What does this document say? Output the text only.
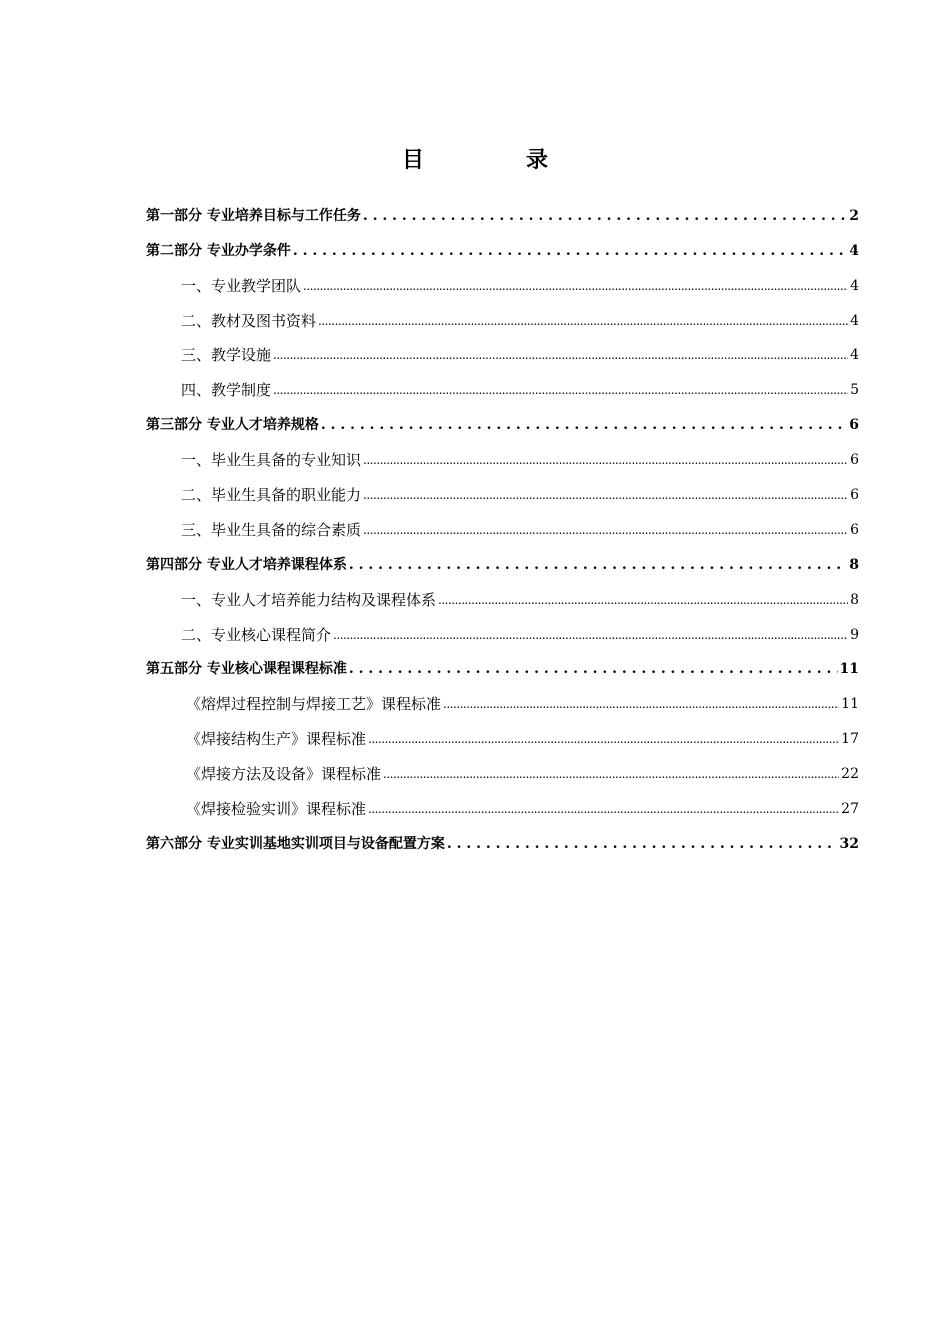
目　录
第一部分 专业培养目标与工作任务 . . .	2
第二部分 专业办学条件 . . .	4
一、专业教学团队 .....	4
二、教材及图书资料 .....	4
三、教学设施 .....	4
四、教学制度 .....	5
第三部分 专业人才培养规格 . . .	6
一、毕业生具备的专业知识 .....	6
二、毕业生具备的职业能力 .....	6
三、毕业生具备的综合素质 .....	6
第四部分 专业人才培养课程体系 . . .	8
一、专业人才培养能力结构及课程体系 .....	8
二、专业核心课程简介 .....	9
第五部分 专业核心课程课程标准 . . .	11
《熔焊过程控制与焊接工艺》课程标准 .....	11
《焊接结构生产》课程标准 .....	17
《焊接方法及设备》课程标准 .....	22
《焊接检验实训》课程标准 .....	27
第六部分 专业实训基地实训项目与设备配置方案 . . .	32
